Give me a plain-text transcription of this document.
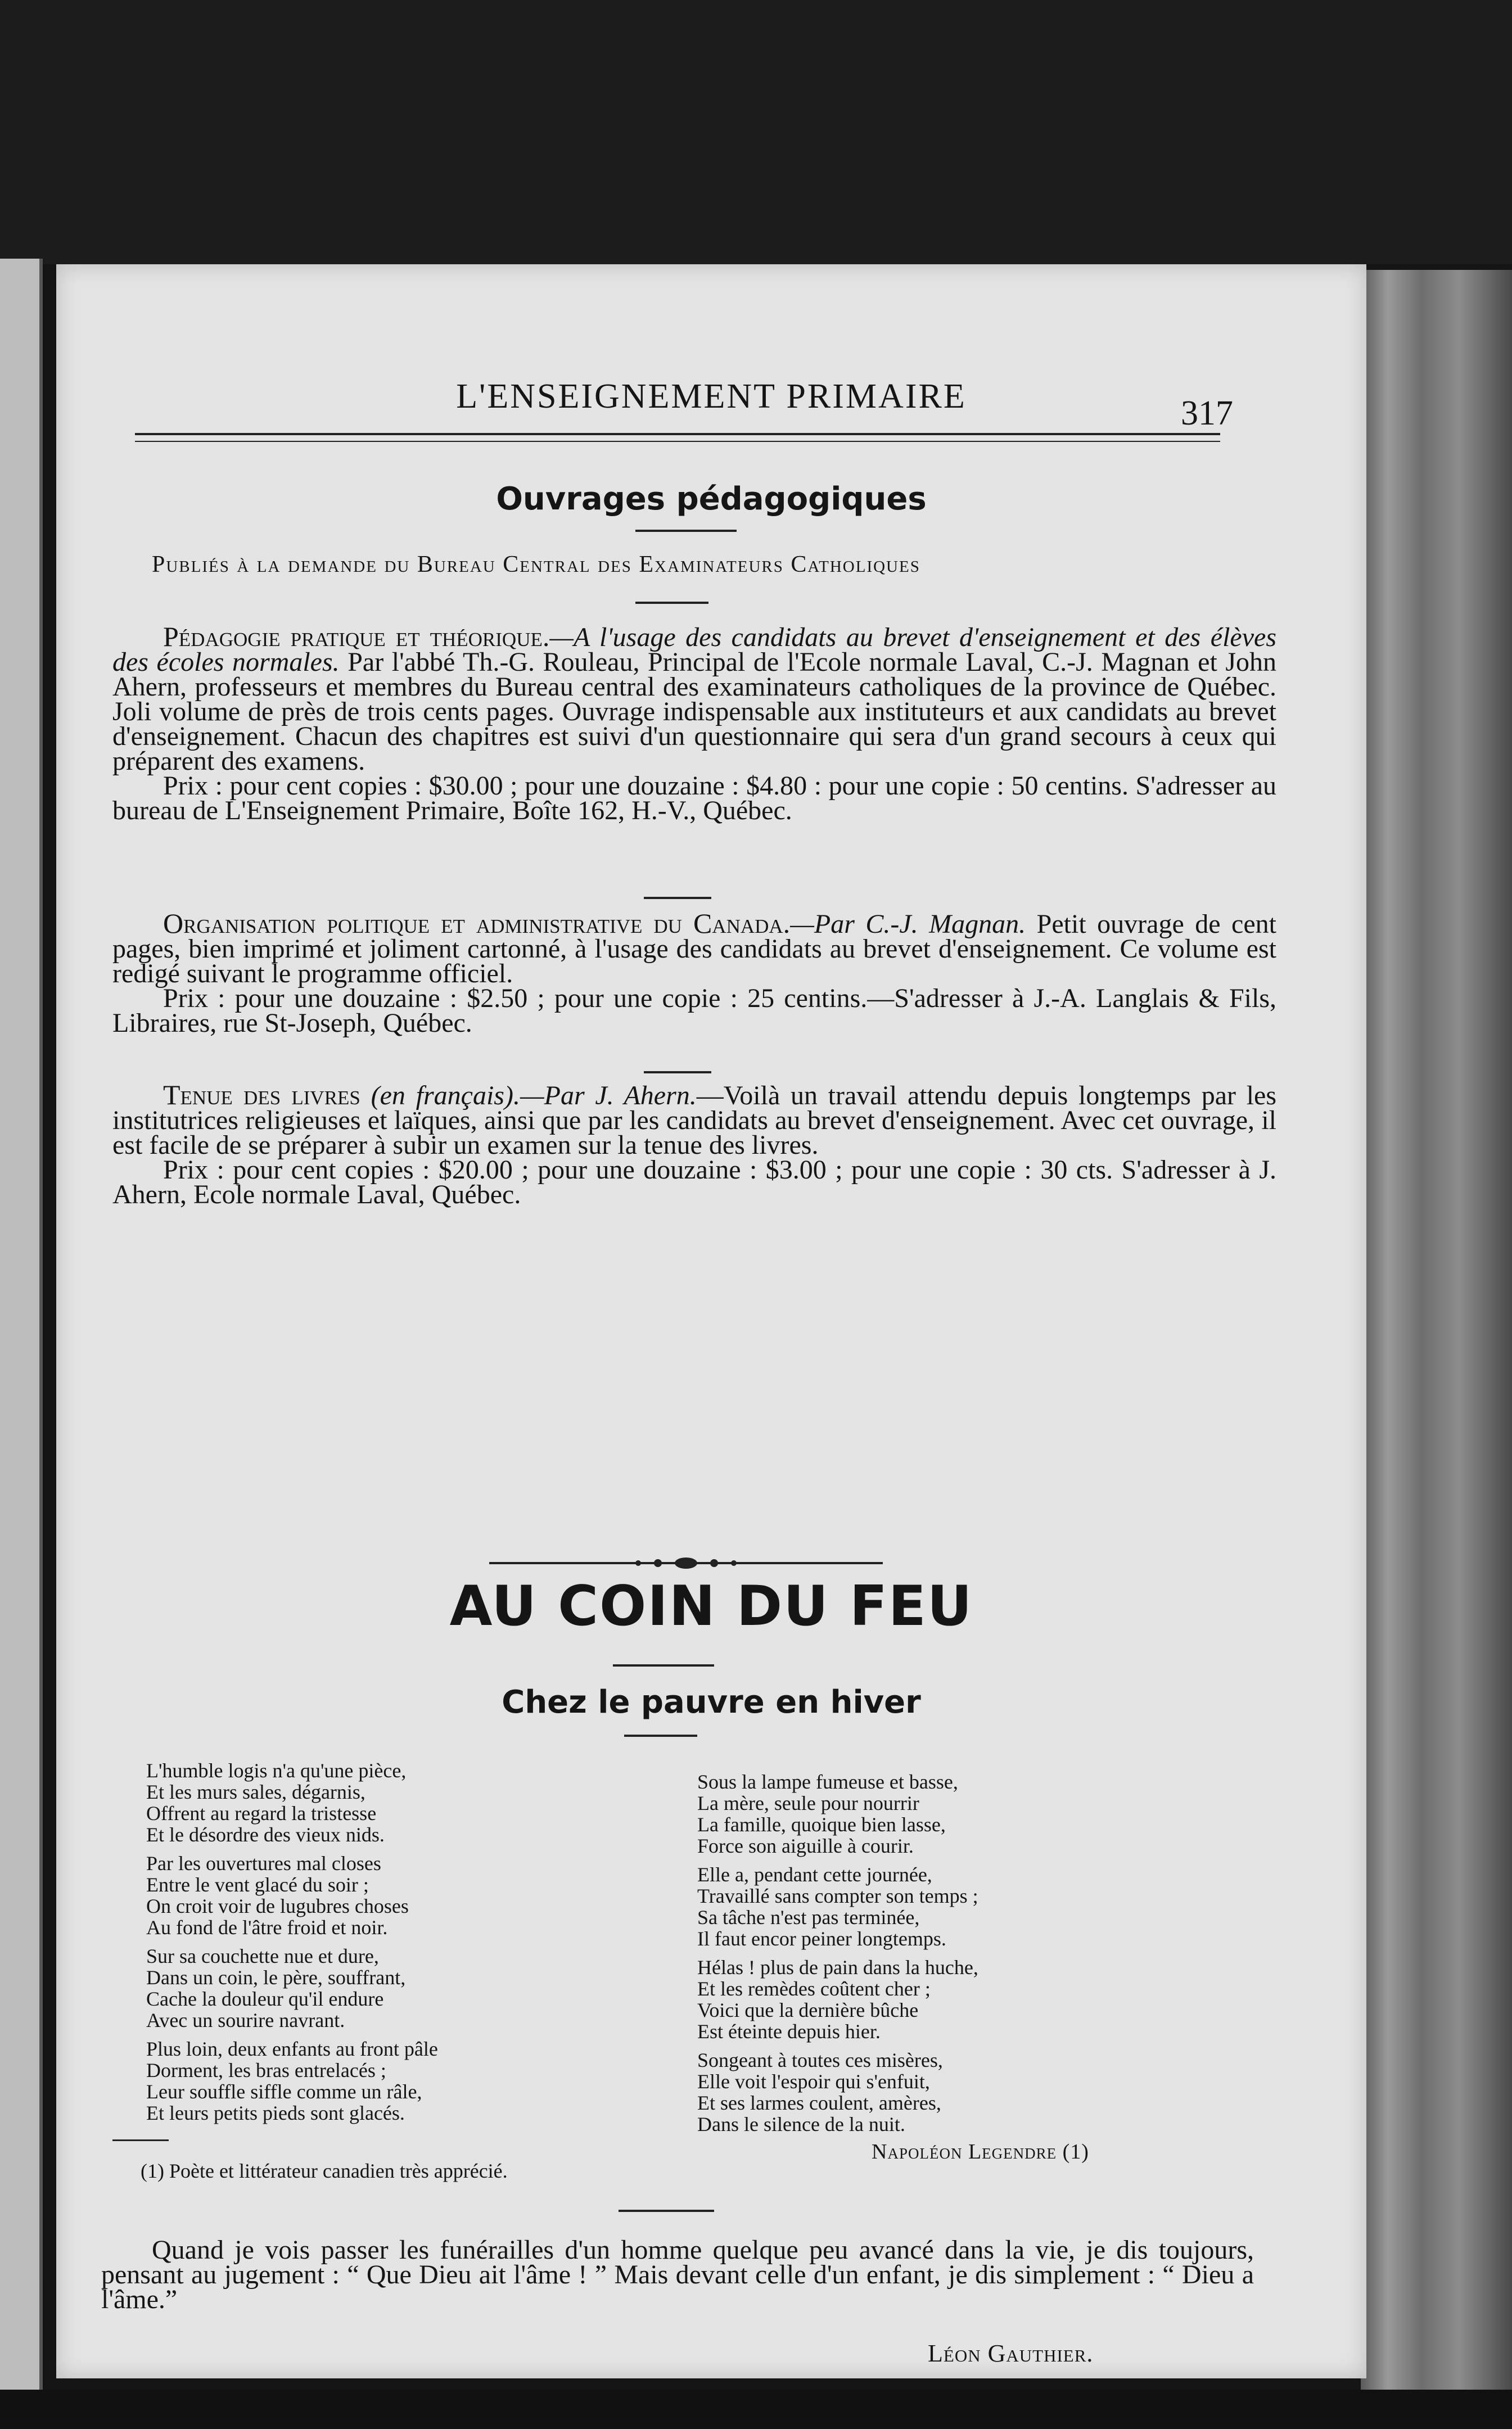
L'ENSEIGNEMENT PRIMAIRE	317
Ouvrages pédagogiques
Publiés à la demande du Bureau Central des Examinateurs Catholiques
Pédagogie pratique et théorique.—A l'usage des candidats au brevet d'enseignement et des élèves des écoles normales. Par l'abbé Th.-G. Rouleau, Principal de l'Ecole normale Laval, C.-J. Magnan et John Ahern, professeurs et membres du Bureau central des examinateurs catholiques de la province de Québec. Joli volume de près de trois cents pages. Ouvrage indispensable aux instituteurs et aux candidats au brevet d'enseignement. Chacun des chapitres est suivi d'un questionnaire qui sera d'un grand secours à ceux qui préparent des examens.
Prix : pour cent copies : $30.00 ; pour une douzaine : $4.80 : pour une copie : 50 centins. S'adresser au bureau de L'Enseignement Primaire, Boîte 162, H.-V., Québec.
Organisation politique et administrative du Canada.—Par C.-J. Magnan. Petit ouvrage de cent pages, bien imprimé et joliment cartonné, à l'usage des candidats au brevet d'enseignement. Ce volume est redigé suivant le programme officiel.
Prix : pour une douzaine : $2.50 ; pour une copie : 25 centins.—S'adresser à J.-A. Langlais & Fils, Libraires, rue St-Joseph, Québec.
Tenue des livres (en français).—Par J. Ahern.—Voilà un travail attendu depuis longtemps par les institutrices religieuses et laïques, ainsi que par les candidats au brevet d'enseignement. Avec cet ouvrage, il est facile de se préparer à subir un examen sur la tenue des livres.
Prix : pour cent copies : $20.00 ; pour une douzaine : $3.00 ; pour une copie : 30 cts. S'adresser à J. Ahern, Ecole normale Laval, Québec.
AU COIN DU FEU
Chez le pauvre en hiver
L'humble logis n'a qu'une pièce,
Et les murs sales, dégarnis,
Offrent au regard la tristesse
Et le désordre des vieux nids.
Par les ouvertures mal closes
Entre le vent glacé du soir ;
On croit voir de lugubres choses
Au fond de l'âtre froid et noir.
Sur sa couchette nue et dure,
Dans un coin, le père, souffrant,
Cache la douleur qu'il endure
Avec un sourire navrant.
Plus loin, deux enfants au front pâle
Dorment, les bras entrelacés ;
Leur souffle siffle comme un râle,
Et leurs petits pieds sont glacés.
Sous la lampe fumeuse et basse,
La mère, seule pour nourrir
La famille, quoique bien lasse,
Force son aiguille à courir.
Elle a, pendant cette journée,
Travaillé sans compter son temps ;
Sa tâche n'est pas terminée,
Il faut encor peiner longtemps.
Hélas ! plus de pain dans la huche,
Et les remèdes coûtent cher ;
Voici que la dernière bûche
Est éteinte depuis hier.
Songeant à toutes ces misères,
Elle voit l'espoir qui s'enfuit,
Et ses larmes coulent, amères,
Dans le silence de la nuit.
Napoléon Legendre (1)
(1) Poète et littérateur canadien très apprécié.
Quand je vois passer les funérailles d'un homme quelque peu avancé dans la vie, je dis toujours, pensant au jugement : “ Que Dieu ait l'âme ! ” Mais devant celle d'un enfant, je dis simplement : “ Dieu a l'âme.”
Léon Gauthier.
